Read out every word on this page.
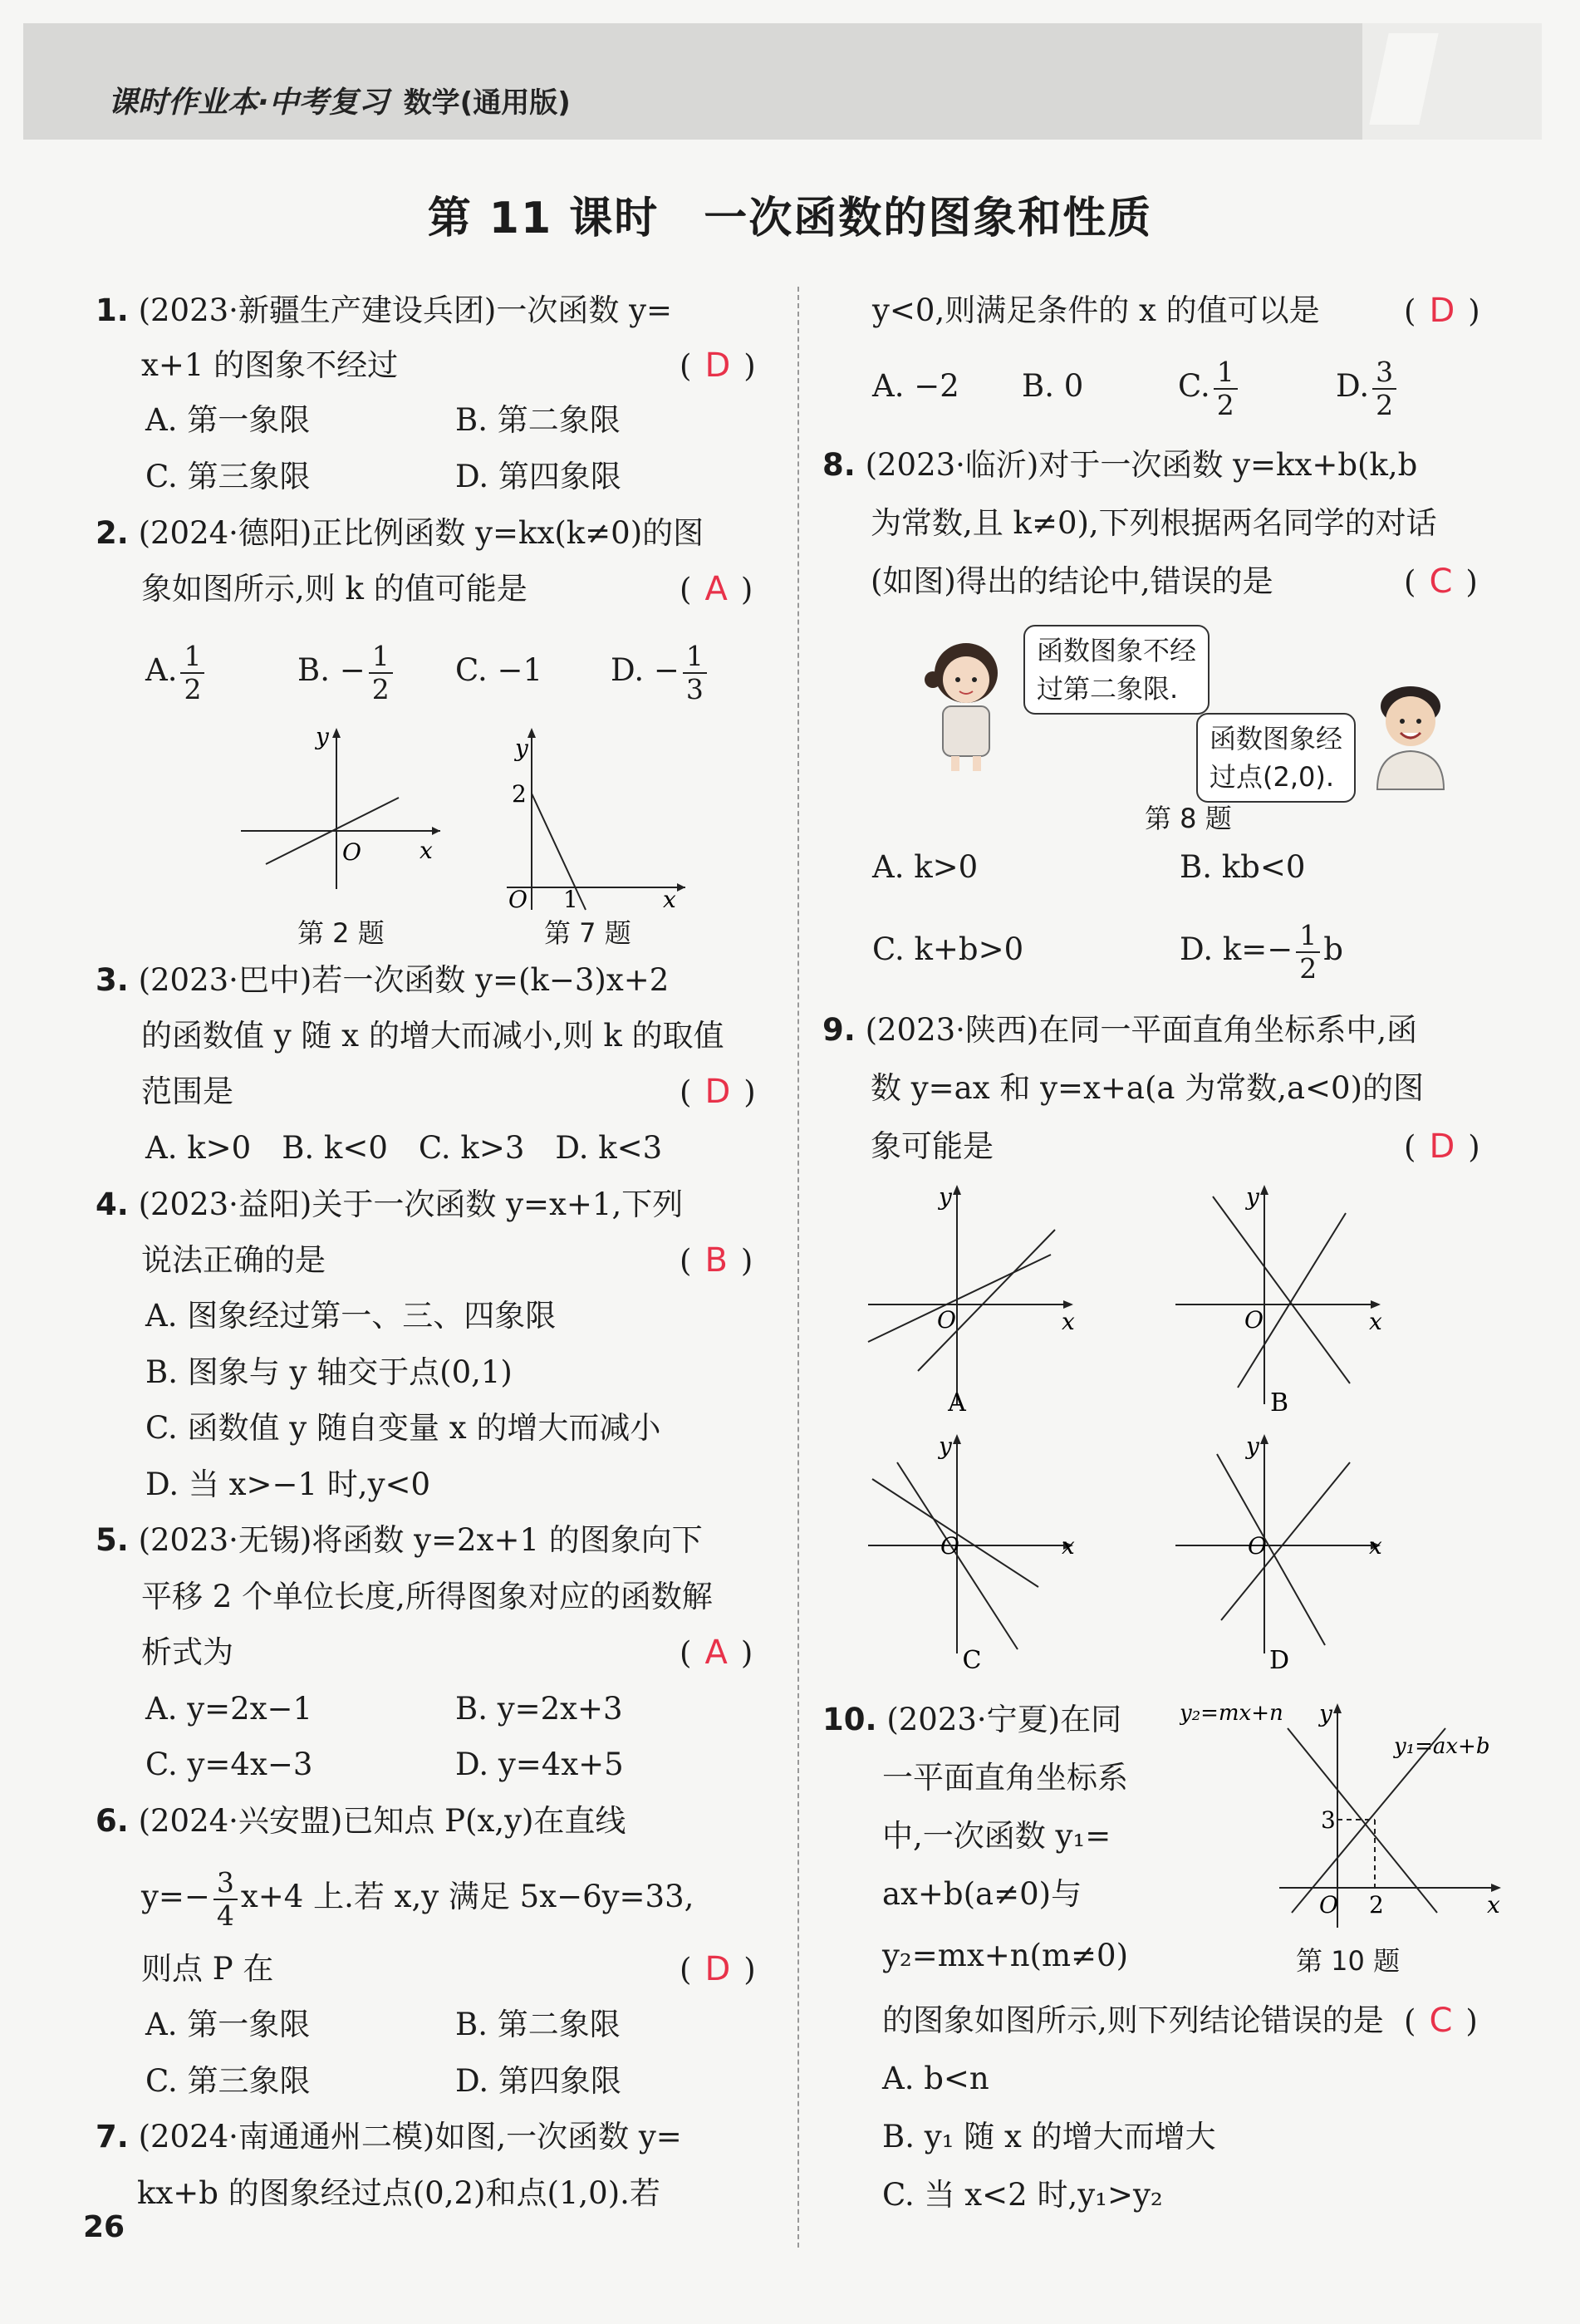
课时作业本·中考复习 数学(通用版)
第 11 课时　一次函数的图象和性质
1. (2023·新疆生产建设兵团)一次函数 y=
x+1 的图象不经过	( D )
A. 第一象限	B. 第二象限
C. 第三象限	D. 第四象限
2. (2024·德阳)正比例函数 y=kx(k≠0)的图
象如图所示,则 k 的值可能是	( A )
A. $\frac{1}{2}$	B. − $\frac{1}{2} C$. −1 D. − $\frac{1}{3}$
y
O	x
第 2 题
y
2
O 1	x
第 7 题
3. (2023·巴中)若一次函数 y=(k−3)x+2
的函数值 y 随 x 的增大而减小,则 k 的取值
范围是	( D )
A. k>0　B. k<0　C. k>3　D. k<3
4. (2023·益阳)关于一次函数 y=x+1,下列
说法正确的是	( B )
A. 图象经过第一、三、四象限
B. 图象与 y 轴交于点(0,1)
C. 函数值 y 随自变量 x 的增大而减小
D. 当 x>−1 时,y<0
5. (2023·无锡)将函数 y=2x+1 的图象向下
平移 2 个单位长度,所得图象对应的函数解
析式为	( A )
A. y=2x−1	B. y=2x+3
C. y=4x−3	D. y=4x+5
6. (2024·兴安盟)已知点 P(x,y)在直线
$y=- \frac{3}{4} x+4$ 上.若 x,y 满足 5x−6y=33,
则点 P 在	( D )
A. 第一象限	B. 第二象限
C. 第三象限	D. 第四象限
7. (2024·南通通州二模)如图,一次函数 y=
kx+b 的图象经过点(0,2)和点(1,0).若
26
y<0,则满足条件的 x 的值可以是	( D )
A. −2 B. 0	C. $\frac{1}{2}$	D. $\frac{3}{2}$
8. (2023·临沂)对于一次函数 y=kx+b(k,b
为常数,且 k≠0),下列根据两名同学的对话
(如图)得出的结论中,错误的是	( C )
函数图象不经
过第二象限.
函数图象经
过点(2,0).
第 8 题
A. k>0	B. kb<0
C. k+b>0	D. $k=- \frac{1}{2}$ b
9. (2023·陕西)在同一平面直角坐标系中,函
数 y=ax 和 y=x+a(a 为常数,a<0)的图
象可能是	( D )
y
O	x
A
y
O	x
B
y
O	x
C
y
O	x
D
10. (2023·宁夏)在同
一平面直角坐标系
中,一次函数 y₁=
ax+b(a≠0)与
y₂=mx+n(m≠0)
y₂=mx+n y
y₁=ax+b
3
O 2	x
第 10 题
的图象如图所示,则下列结论错误的是 ( C )
A. b<n
B. y₁ 随 x 的增大而增大
C. 当 x<2 时,y₁>y₂
